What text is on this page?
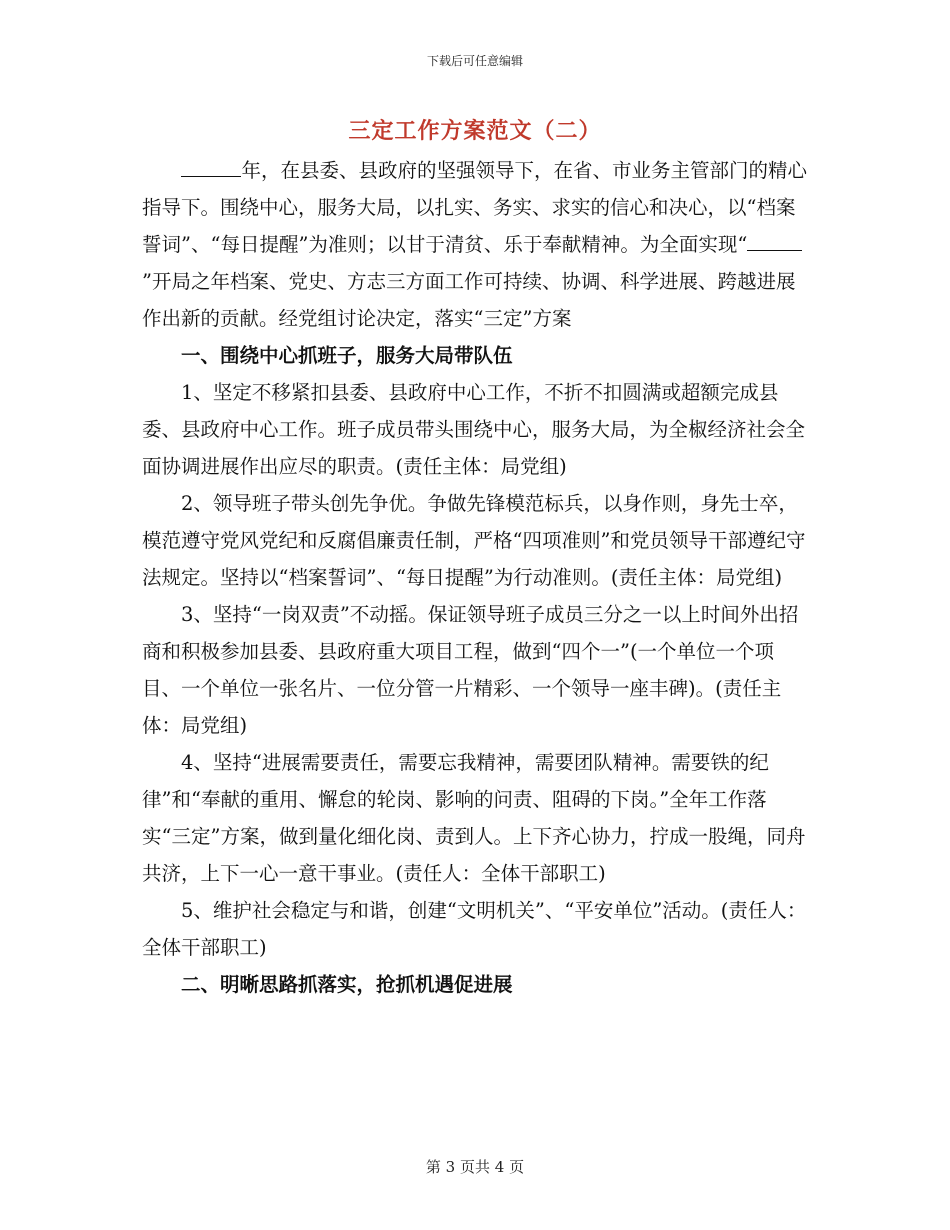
下载后可任意编辑
三定工作方案范文（二）

年，在县委、县政府的坚强领导下，在省、市业务主管部门的精心指导下。围绕中心，服务大局，以扎实、务实、求实的信心和决心，以“档案誓词”、“每日提醒”为准则；以甘于清贫、乐于奉献精神。为全面实现“”开局之年档案、党史、方志三方面工作可持续、协调、科学进展、跨越进展作出新的贡献。经党组讨论决定，落实“三定”方案

一、围绕中心抓班子，服务大局带队伍

1、坚定不移紧扣县委、县政府中心工作，不折不扣圆满或超额完成县委、县政府中心工作。班子成员带头围绕中心，服务大局，为全椒经济社会全面协调进展作出应尽的职责。(责任主体：局党组)

2、领导班子带头创先争优。争做先锋模范标兵，以身作则，身先士卒，模范遵守党风党纪和反腐倡廉责任制，严格“四项准则”和党员领导干部遵纪守法规定。坚持以“档案誓词”、“每日提醒”为行动准则。(责任主体：局党组)

3、坚持“一岗双责”不动摇。保证领导班子成员三分之一以上时间外出招商和积极参加县委、县政府重大项目工程，做到“四个一”(一个单位一个项目、一个单位一张名片、一位分管一片精彩、一个领导一座丰碑)。(责任主体：局党组)

4、坚持“进展需要责任，需要忘我精神，需要团队精神。需要铁的纪律”和“奉献的重用、懈怠的轮岗、影响的问责、阻碍的下岗。”全年工作落实“三定”方案，做到量化细化岗、责到人。上下齐心协力，拧成一股绳，同舟共济，上下一心一意干事业。(责任人：全体干部职工)

5、维护社会稳定与和谐，创建“文明机关”、“平安单位”活动。(责任人：全体干部职工)

二、明晰思路抓落实，抢抓机遇促进展

第 3 页共 4 页
